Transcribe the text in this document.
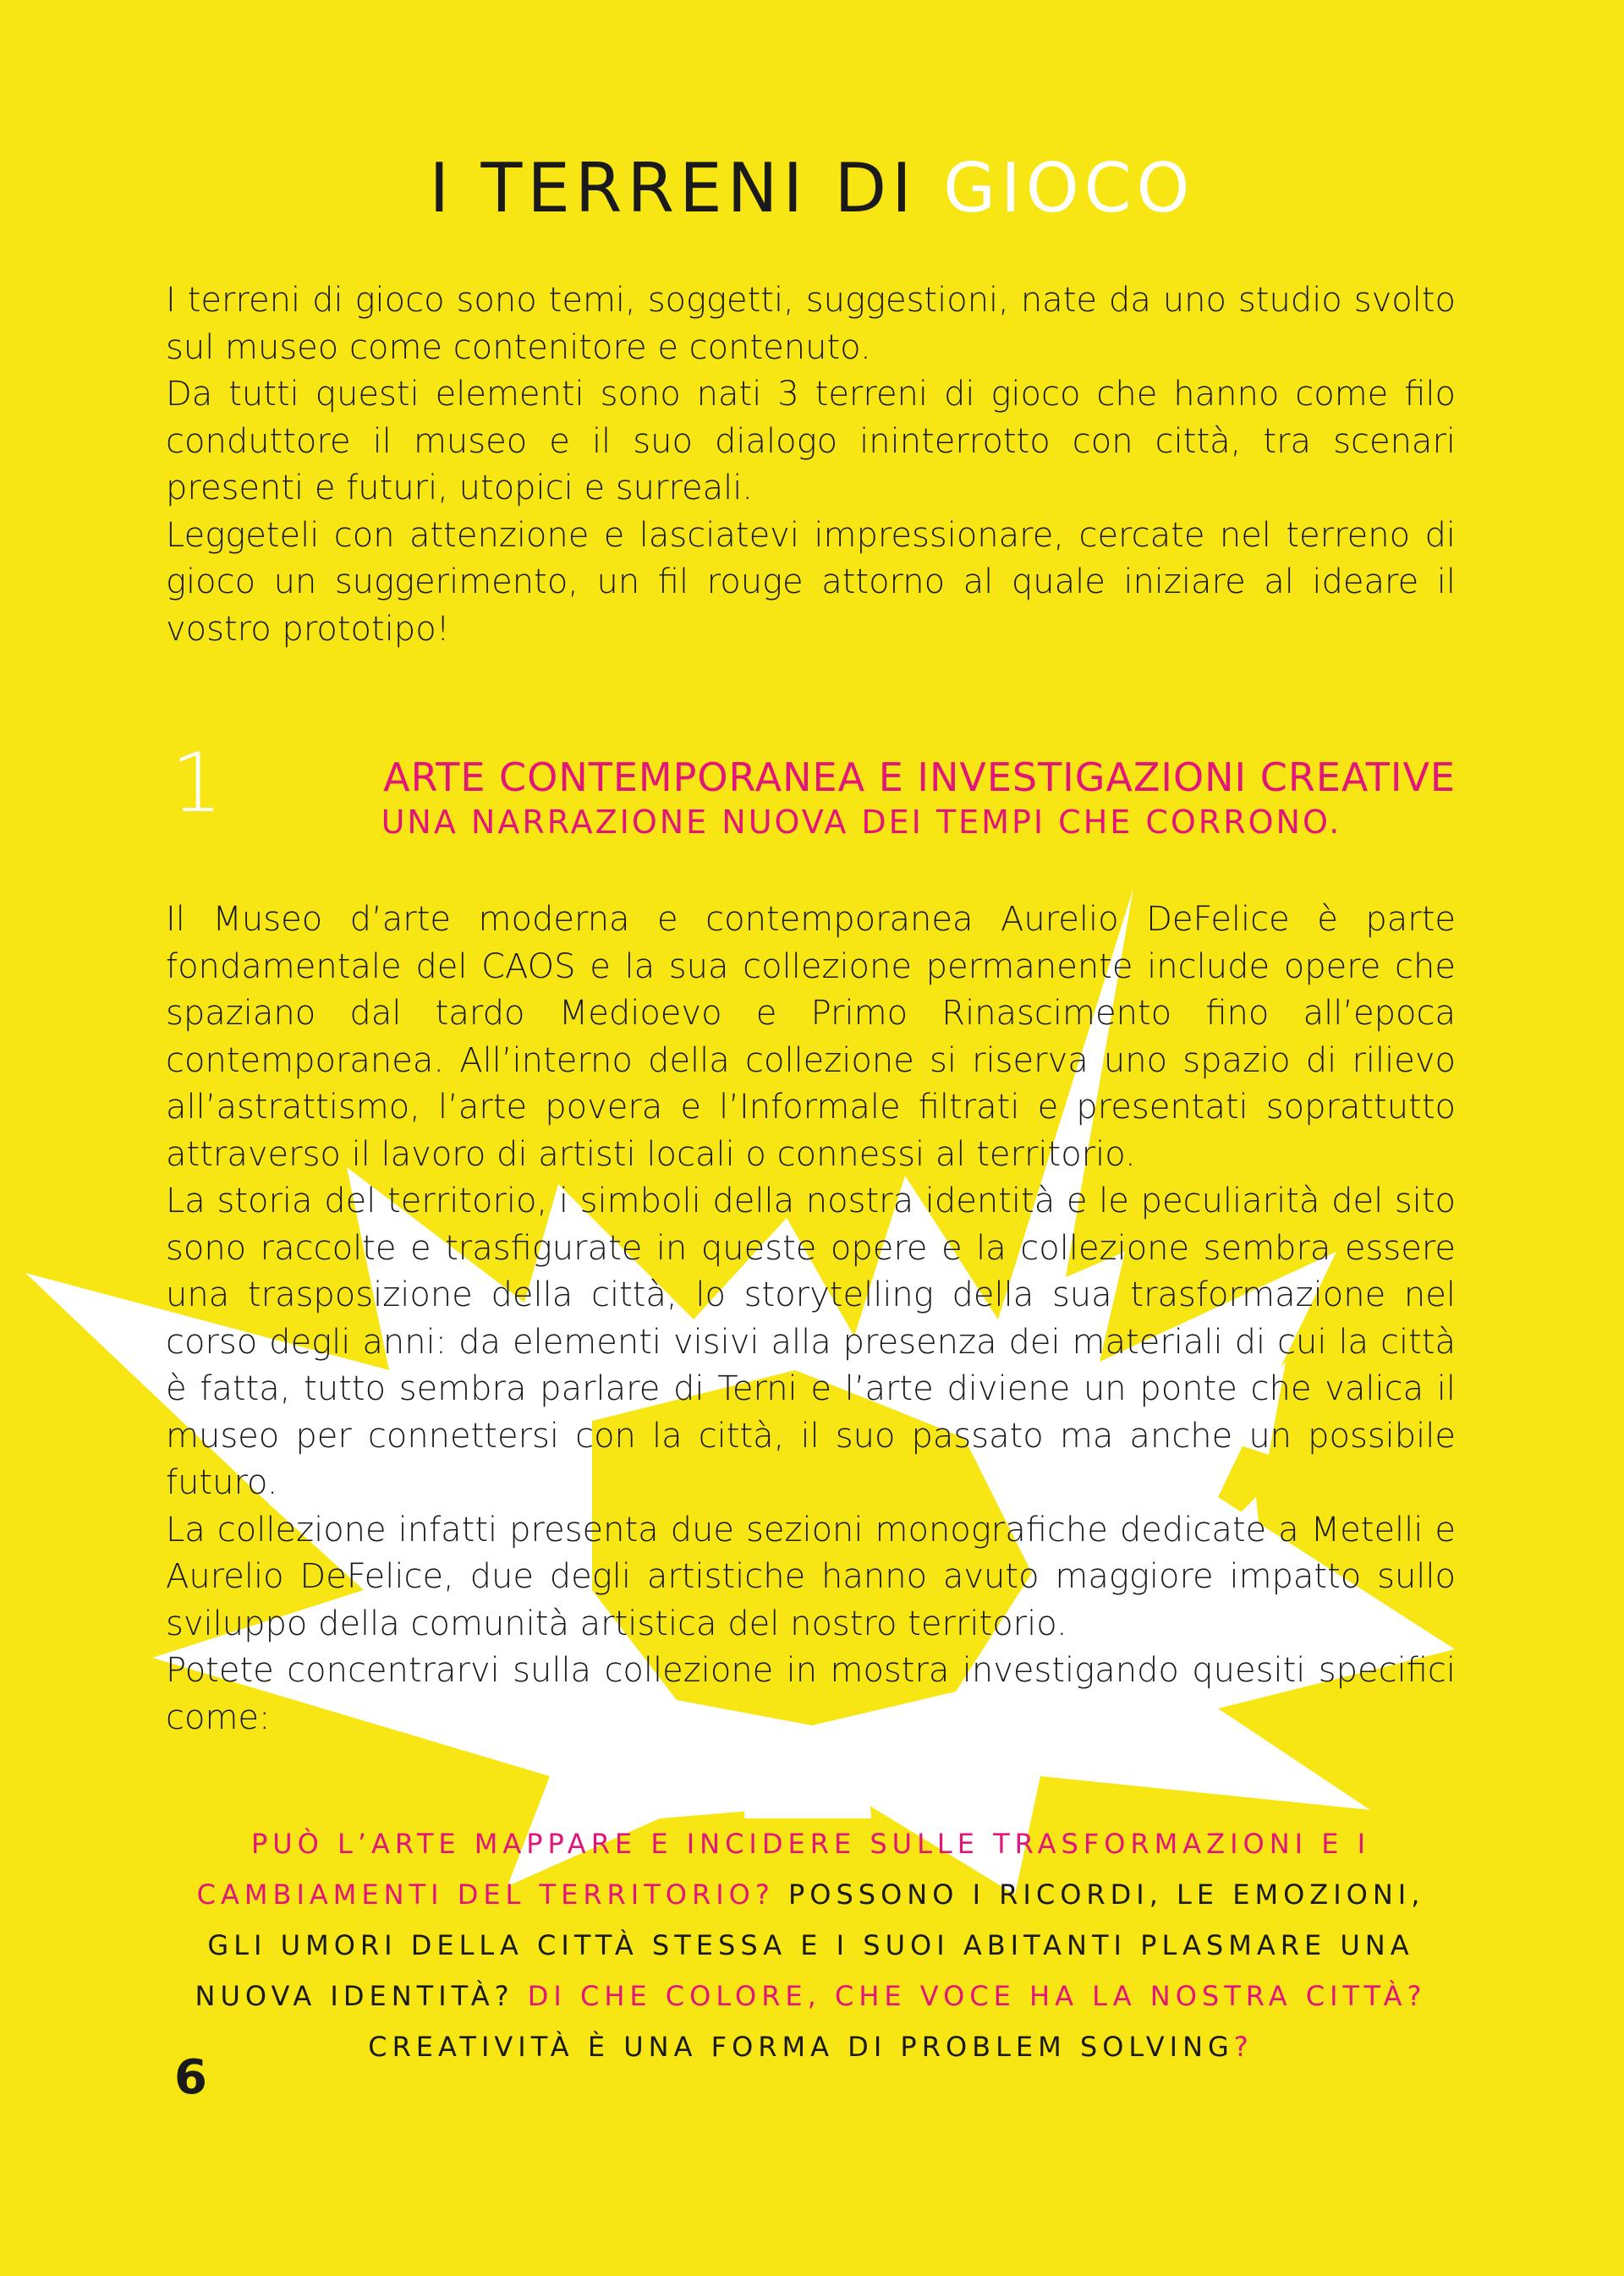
I TERRENI DI GIOCO
I terreni di gioco sono temi, soggetti, suggestioni, nate da uno studio svolto sul museo come contenitore e contenuto.
Da tutti questi elementi sono nati 3 terreni di gioco che hanno come filo conduttore il museo e il suo dialogo ininterrotto con città, tra scenari presenti e futuri, utopici e surreali.
Leggeteli con attenzione e lasciatevi impressionare, cercate nel terreno di gioco un suggerimento, un fil rouge attorno al quale iniziare al ideare il vostro prototipo!
1	ARTE CONTEMPORANEA E INVESTIGAZIONI CREATIVE
UNA NARRAZIONE NUOVA DEI TEMPI CHE CORRONO.
Il Museo d’arte moderna e contemporanea Aurelio DeFelice è parte fondamentale del CAOS e la sua collezione permanente include opere che spaziano dal tardo Medioevo e Primo Rinascimento fino all’epoca contemporanea. All’interno della collezione si riserva uno spazio di rilievo all’astrattismo, l’arte povera e l’Informale filtrati e presentati soprattutto attraverso il lavoro di artisti locali o connessi al territorio.
La storia del territorio, i simboli della nostra identità e le peculiarità del sito sono raccolte e trasfigurate in queste opere e la collezione sembra essere una trasposizione della città, lo storytelling della sua trasformazione nel corso degli anni: da elementi visivi alla presenza dei materiali di cui la città è fatta, tutto sembra parlare di Terni e l’arte diviene un ponte che valica il museo per connettersi con la città, il suo passato ma anche un possibile futuro.
La collezione infatti presenta due sezioni monografiche dedicate a Metelli e Aurelio DeFelice, due degli artistiche hanno avuto maggiore impatto sullo sviluppo della comunità artistica del nostro territorio.
Potete concentrarvi sulla collezione in mostra investigando quesiti specifici come:

PUÒ L’ARTE MAPPARE E INCIDERE SULLE TRASFORMAZIONI E I CAMBIAMENTI DEL TERRITORIO? POSSONO I RICORDI, LE EMOZIONI, GLI UMORI DELLA CITTÀ STESSA E I SUOI ABITANTI PLASMARE UNA NUOVA IDENTITÀ? DI CHE COLORE, CHE VOCE HA LA NOSTRA CITTÀ?
CREATIVITÀ È UNA FORMA DI PROBLEM SOLVING?

6
